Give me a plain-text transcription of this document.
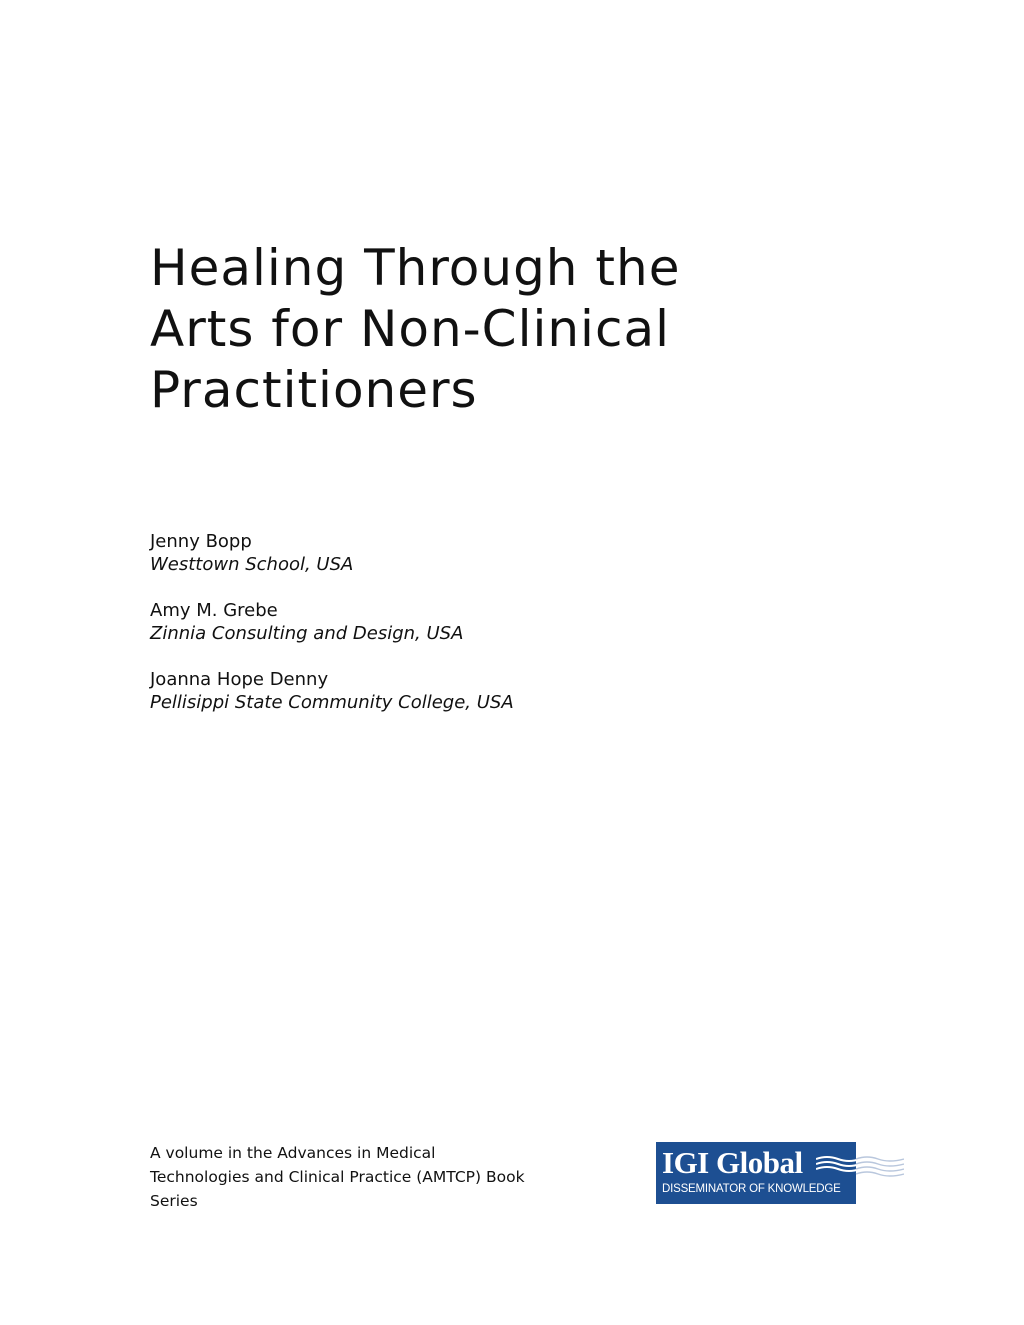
Healing Through the
Arts for Non-Clinical
Practitioners
Jenny Bopp
Westtown School, USA
Amy M. Grebe
Zinnia Consulting and Design, USA
Joanna Hope Denny
Pellisippi State Community College, USA
A volume in the Advances in Medical
Technologies and Clinical Practice (AMTCP) Book
Series
IGI Global
DISSEMINATOR OF KNOWLEDGE
